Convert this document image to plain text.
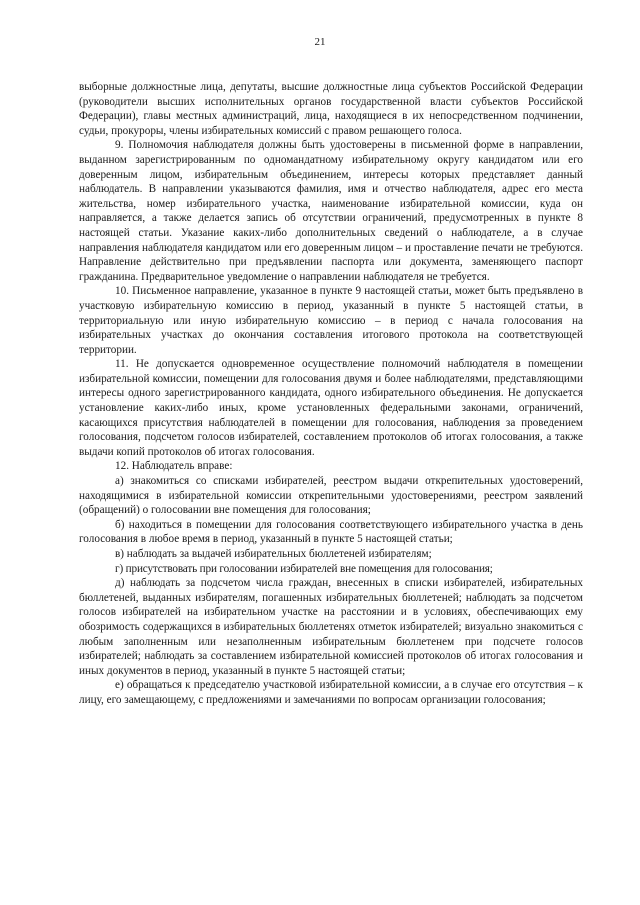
21

выборные должностные лица, депутаты, высшие должностные лица субъектов Российской Федерации (руководители высших исполнительных органов государственной власти субъектов Российской Федерации), главы местных администраций, лица, находящиеся в их непосредственном подчинении, судьи, прокуроры, члены избирательных комиссий с правом решающего голоса.

9. Полномочия наблюдателя должны быть удостоверены в письменной форме в направлении, выданном зарегистрированным по одномандатному избирательному округу кандидатом или его доверенным лицом, избирательным объединением, интересы которых представляет данный наблюдатель. В направлении указываются фамилия, имя и отчество наблюдателя, адрес его места жительства, номер избирательного участка, наименование избирательной комиссии, куда он направляется, а также делается запись об отсутствии ограничений, предусмотренных в пункте 8 настоящей статьи. Указание каких-либо дополнительных сведений о наблюдателе, а в случае направления наблюдателя кандидатом или его доверенным лицом – и проставление печати не требуются. Направление действительно при предъявлении паспорта или документа, заменяющего паспорт гражданина. Предварительное уведомление о направлении наблюдателя не требуется.

10. Письменное направление, указанное в пункте 9 настоящей статьи, может быть предъявлено в участковую избирательную комиссию в период, указанный в пункте 5 настоящей статьи, в территориальную или иную избирательную комиссию – в период с начала голосования на избирательных участках до окончания составления итогового протокола на соответствующей территории.

11. Не допускается одновременное осуществление полномочий наблюдателя в помещении избирательной комиссии, помещении для голосования двумя и более наблюдателями, представляющими интересы одного зарегистрированного кандидата, одного избирательного объединения. Не допускается установление каких-либо иных, кроме установленных федеральными законами, ограничений, касающихся присутствия наблюдателей в помещении для голосования, наблюдения за проведением голосования, подсчетом голосов избирателей, составлением протоколов об итогах голосования, а также выдачи копий протоколов об итогах голосования.

12. Наблюдатель вправе:

а) знакомиться со списками избирателей, реестром выдачи открепительных удостоверений, находящимися в избирательной комиссии открепительными удостоверениями, реестром заявлений (обращений) о голосовании вне помещения для голосования;

б) находиться в помещении для голосования соответствующего избирательного участка в день голосования в любое время в период, указанный в пункте 5 настоящей статьи;

в) наблюдать за выдачей избирательных бюллетеней избирателям;

г) присутствовать при голосовании избирателей вне помещения для голосования;

д) наблюдать за подсчетом числа граждан, внесенных в списки избирателей, избирательных бюллетеней, выданных избирателям, погашенных избирательных бюллетеней; наблюдать за подсчетом голосов избирателей на избирательном участке на расстоянии и в условиях, обеспечивающих ему обозримость содержащихся в избирательных бюллетенях отметок избирателей; визуально знакомиться с любым заполненным или незаполненным избирательным бюллетенем при подсчете голосов избирателей; наблюдать за составлением избирательной комиссией протоколов об итогах голосования и иных документов в период, указанный в пункте 5 настоящей статьи;

е) обращаться к председателю участковой избирательной комиссии, а в случае его отсутствия – к лицу, его замещающему, с предложениями и замечаниями по вопросам организации голосования;
